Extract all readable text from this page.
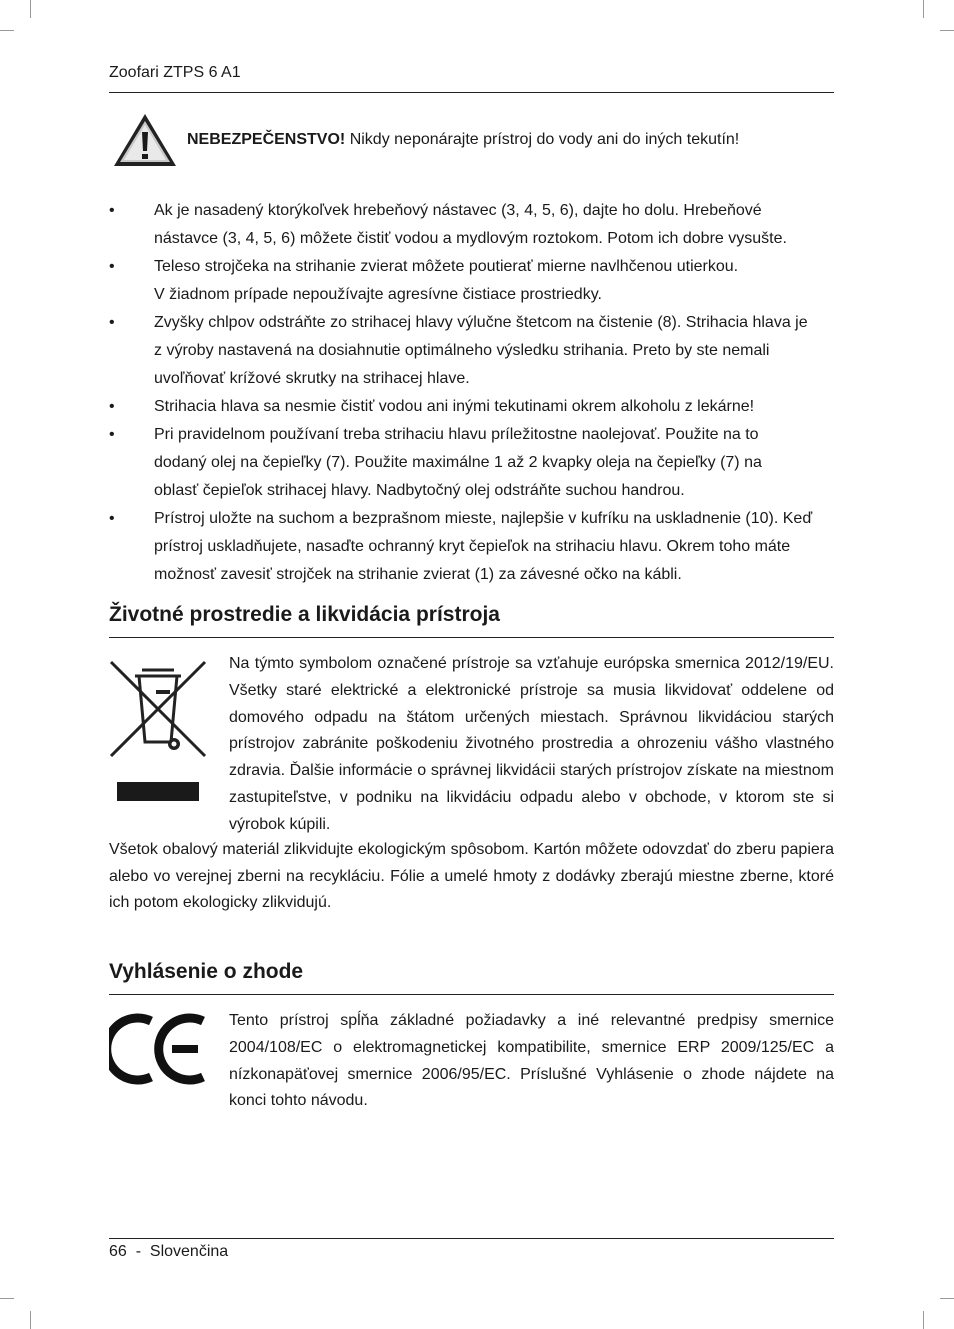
Zoofari ZTPS 6 A1
NEBEZPEČENSTVO! Nikdy neponárajte prístroj do vody ani do iných tekutín!
• Ak je nasadený ktorýkoľvek hrebeňový nástavec (3, 4, 5, 6), dajte ho dolu. Hrebeňové
nástavce (3, 4, 5, 6) môžete čistiť vodou a mydlovým roztokom. Potom ich dobre vysušte.
• Teleso strojčeka na strihanie zvierat môžete poutierať mierne navlhčenou utierkou.
V žiadnom prípade nepoužívajte agresívne čistiace prostriedky.
• Zvyšky chlpov odstráňte zo strihacej hlavy výlučne štetcom na čistenie (8). Strihacia hlava je
z výroby nastavená na dosiahnutie optimálneho výsledku strihania. Preto by ste nemali
uvoľňovať krížové skrutky na strihacej hlave.
• Strihacia hlava sa nesmie čistiť vodou ani inými tekutinami okrem alkoholu z lekárne!
• Pri pravidelnom používaní treba strihaciu hlavu príležitostne naolejovať. Použite na to
dodaný olej na čepieľky (7). Použite maximálne 1 až 2 kvapky oleja na čepieľky (7) na
oblasť čepieľok strihacej hlavy. Nadbytočný olej odstráňte suchou handrou.
• Prístroj uložte na suchom a bezprašnom mieste, najlepšie v kufríku na uskladnenie (10). Keď
prístroj uskladňujete, nasaďte ochranný kryt čepieľok na strihaciu hlavu. Okrem toho máte
možnosť zavesiť strojček na strihanie zvierat (1) za závesné očko na kábli.
Životné prostredie a likvidácia prístroja

Na týmto symbolom označené prístroje sa vzťahuje európska smernica 2012/19/EU. Všetky staré elektrické a elektronické prístroje sa musia likvidovať oddelene od domového odpadu na štátom určených miestach. Správnou likvidáciou starých prístrojov zabránite poškodeniu životného prostredia a ohrozeniu vášho vlastného zdravia. Ďalšie informácie o správnej likvidácii starých prístrojov získate na miestnom zastupiteľstve, v podniku na likvidáciu odpadu alebo v obchode, v ktorom ste si výrobok kúpili.

Všetok obalový materiál zlikvidujte ekologickým spôsobom. Kartón môžete odovzdať do zberu papiera alebo vo verejnej zberni na recykláciu. Fólie a umelé hmoty z dodávky zberajú miestne zberne, ktoré ich potom ekologicky zlikvidujú.

Vyhlásenie o zhode

Tento prístroj spĺňa základné požiadavky a iné relevantné predpisy smernice 2004/108/EC o elektromagnetickej kompatibilite, smernice ERP 2009/125/EC a nízkonapäťovej smernice 2006/95/EC. Príslušné Vyhlásenie o zhode nájdete na konci tohto návodu.

66  -  Slovenčina
